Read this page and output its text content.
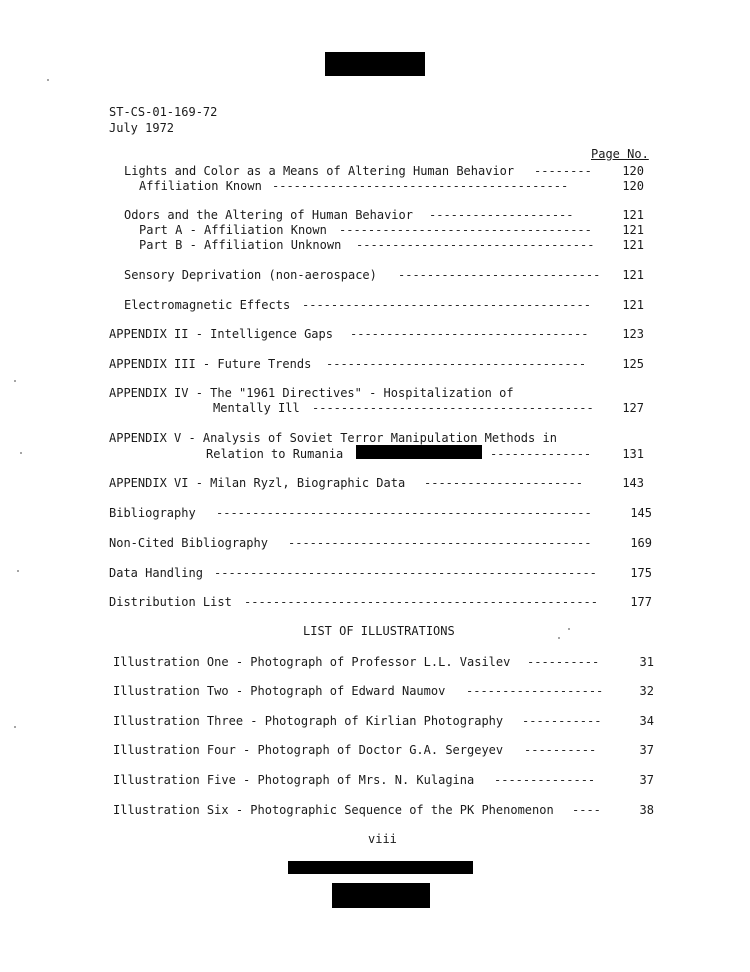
ST-CS-01-169-72
July 1972
Page No.
Lights and Color as a Means of Altering Human Behavior --------	120
Affiliation Known -----------------------------------------	120
Odors and the Altering of Human Behavior --------------------	121
Part A - Affiliation Known -----------------------------------	121
Part B - Affiliation Unknown ---------------------------------	121
Sensory Deprivation (non-aerospace) ----------------------------	121
Electromagnetic Effects ----------------------------------------	121
APPENDIX II - Intelligence Gaps ---------------------------------	123
APPENDIX III - Future Trends ------------------------------------	125
APPENDIX IV - The "1961 Directives" - Hospitalization of
Mentally Ill ---------------------------------------	127
APPENDIX V - Analysis of Soviet Terror Manipulation Methods in
Relation to Rumania	--------------	131
APPENDIX VI - Milan Ryzl, Biographic Data ----------------------	143
Bibliography ----------------------------------------------------	145
Non-Cited Bibliography ------------------------------------------	169
Data Handling -----------------------------------------------------	175
Distribution List -------------------------------------------------	177
LIST OF ILLUSTRATIONS
Illustration One - Photograph of Professor L.L. Vasilev ----------	31
Illustration Two - Photograph of Edward Naumov -------------------	32
Illustration Three - Photograph of Kirlian Photography -----------	34
Illustration Four - Photograph of Doctor G.A. Sergeyev ----------	37
Illustration Five - Photograph of Mrs. N. Kulagina --------------	37
Illustration Six - Photographic Sequence of the PK Phenomenon ----	38
viii
